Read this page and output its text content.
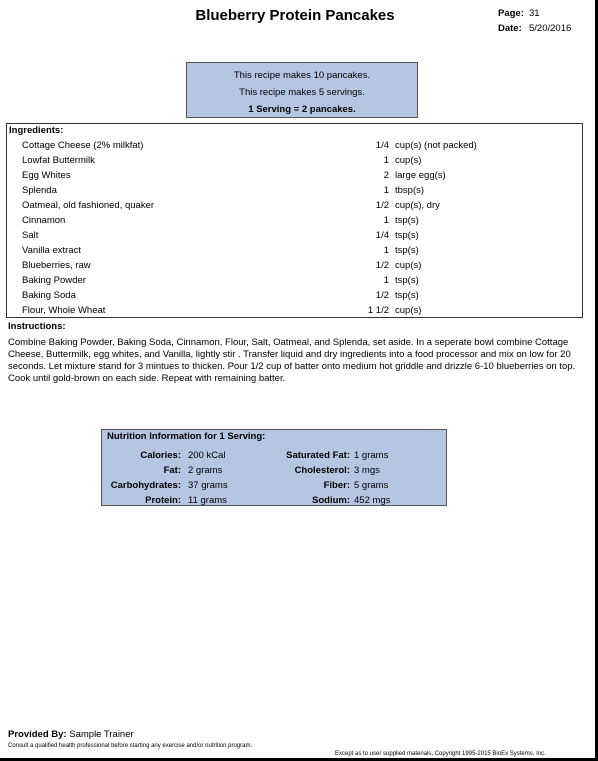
Blueberry Protein Pancakes	Page: 31
Date: 5/20/2016
This recipe makes 10 pancakes.
This recipe makes 5 servings.
1 Serving = 2 pancakes.
Ingredients:
Cottage Cheese (2% milkfat)	1/4 cup(s) (not packed)
Lowfat Buttermilk	1 cup(s)
Egg Whites	2 large egg(s)
Splenda	1 tbsp(s)
Oatmeal, old fashioned, quaker	1/2 cup(s), dry
Cinnamon	1 tsp(s)
Salt	1/4 tsp(s)
Vanilla extract	1 tsp(s)
Blueberries, raw	1/2 cup(s)
Baking Powder	1 tsp(s)
Baking Soda	1/2 tsp(s)
Flour, Whole Wheat	1 1/2 cup(s)
Instructions:
Combine Baking Powder, Baking Soda, Cinnamon, Flour, Salt, Oatmeal, and Splenda, set aside. In a seperate bowl combine Cottage Cheese, Buttermilk, egg whites, and Vanilla, lightly stir . Transfer liquid and dry ingredients into a food processor and mix on low for 20 seconds. Let mixture stand for 3 mintues to thicken. Pour 1/2 cup of batter onto medium hot griddle and drizzle 6-10 blueberries on top. Cook until gold-brown on each side. Repeat with remaining batter.
Nutrition Information for 1 Serving:
Calories: 200 kCal	Saturated Fat: 1 grams
Fat: 2 grams	Cholesterol: 3 mgs
Carbohydrates: 37 grams	Fiber: 5 grams
Protein: 11 grams	Sodium: 452 mgs
Provided By: Sample Trainer
Consult a qualified health professional before starting any exercise and/or nutrition program.
Except as to user supplied materials, Copyright 1995-2015 BioEx Systems, Inc.
